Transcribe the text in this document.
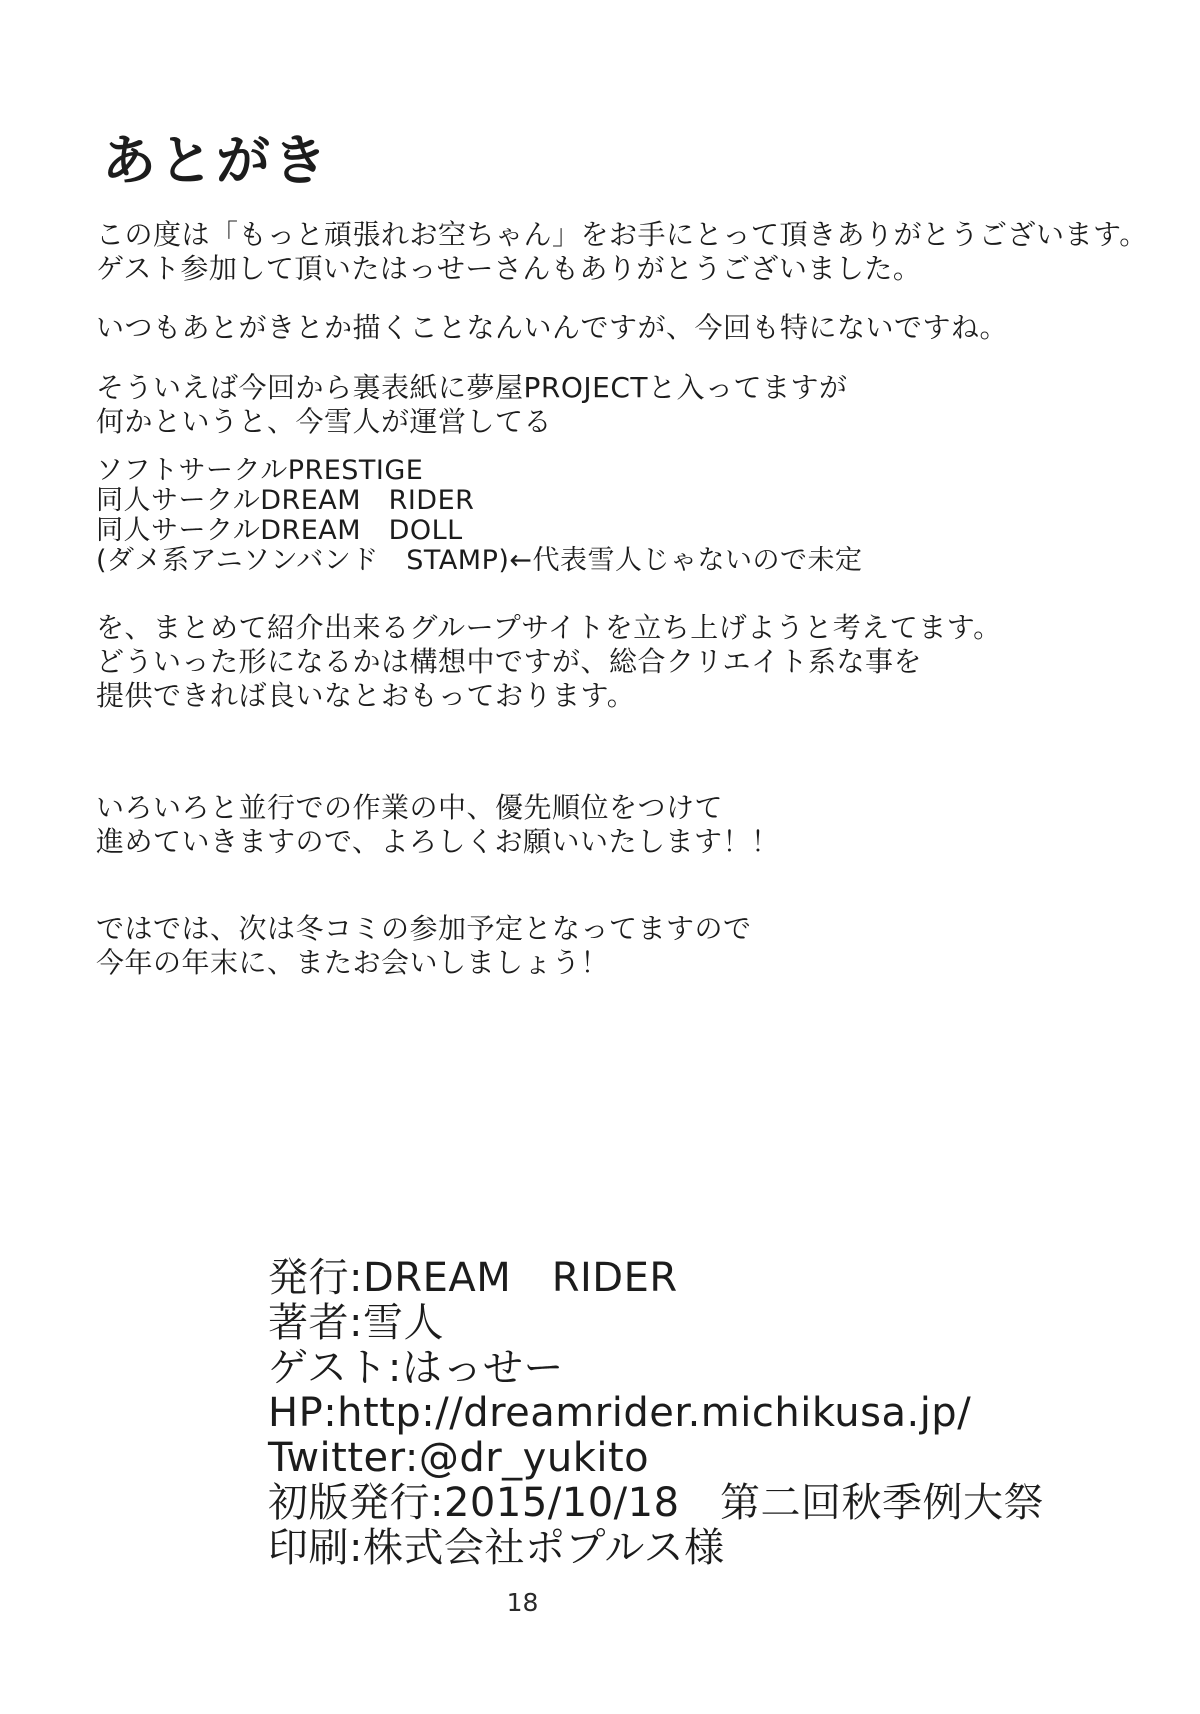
あとがき
この度は「もっと頑張れお空ちゃん」をお手にとって頂きありがとうございます。
ゲスト参加して頂いたはっせーさんもありがとうございました。
いつもあとがきとか描くことなんいんですが、今回も特にないですね。
そういえば今回から裏表紙に夢屋PROJECTと入ってますが
何かというと、今雪人が運営してる
ソフトサークルPRESTIGE
同人サークルDREAM　RIDER
同人サークルDREAM　DOLL
(ダメ系アニソンバンド　STAMP)←代表雪人じゃないので未定
を、まとめて紹介出来るグループサイトを立ち上げようと考えてます。
どういった形になるかは構想中ですが、総合クリエイト系な事を
提供できれば良いなとおもっております。
いろいろと並行での作業の中、優先順位をつけて
進めていきますので、よろしくお願いいたします！！
ではでは、次は冬コミの参加予定となってますので
今年の年末に、またお会いしましょう！
発行:DREAM　RIDER
著者:雪人
ゲスト:はっせー
HP:http://dreamrider.michikusa.jp/
Twitter:@dr_yukito
初版発行:2015/10/18　第二回秋季例大祭
印刷:株式会社ポプルス様
18
